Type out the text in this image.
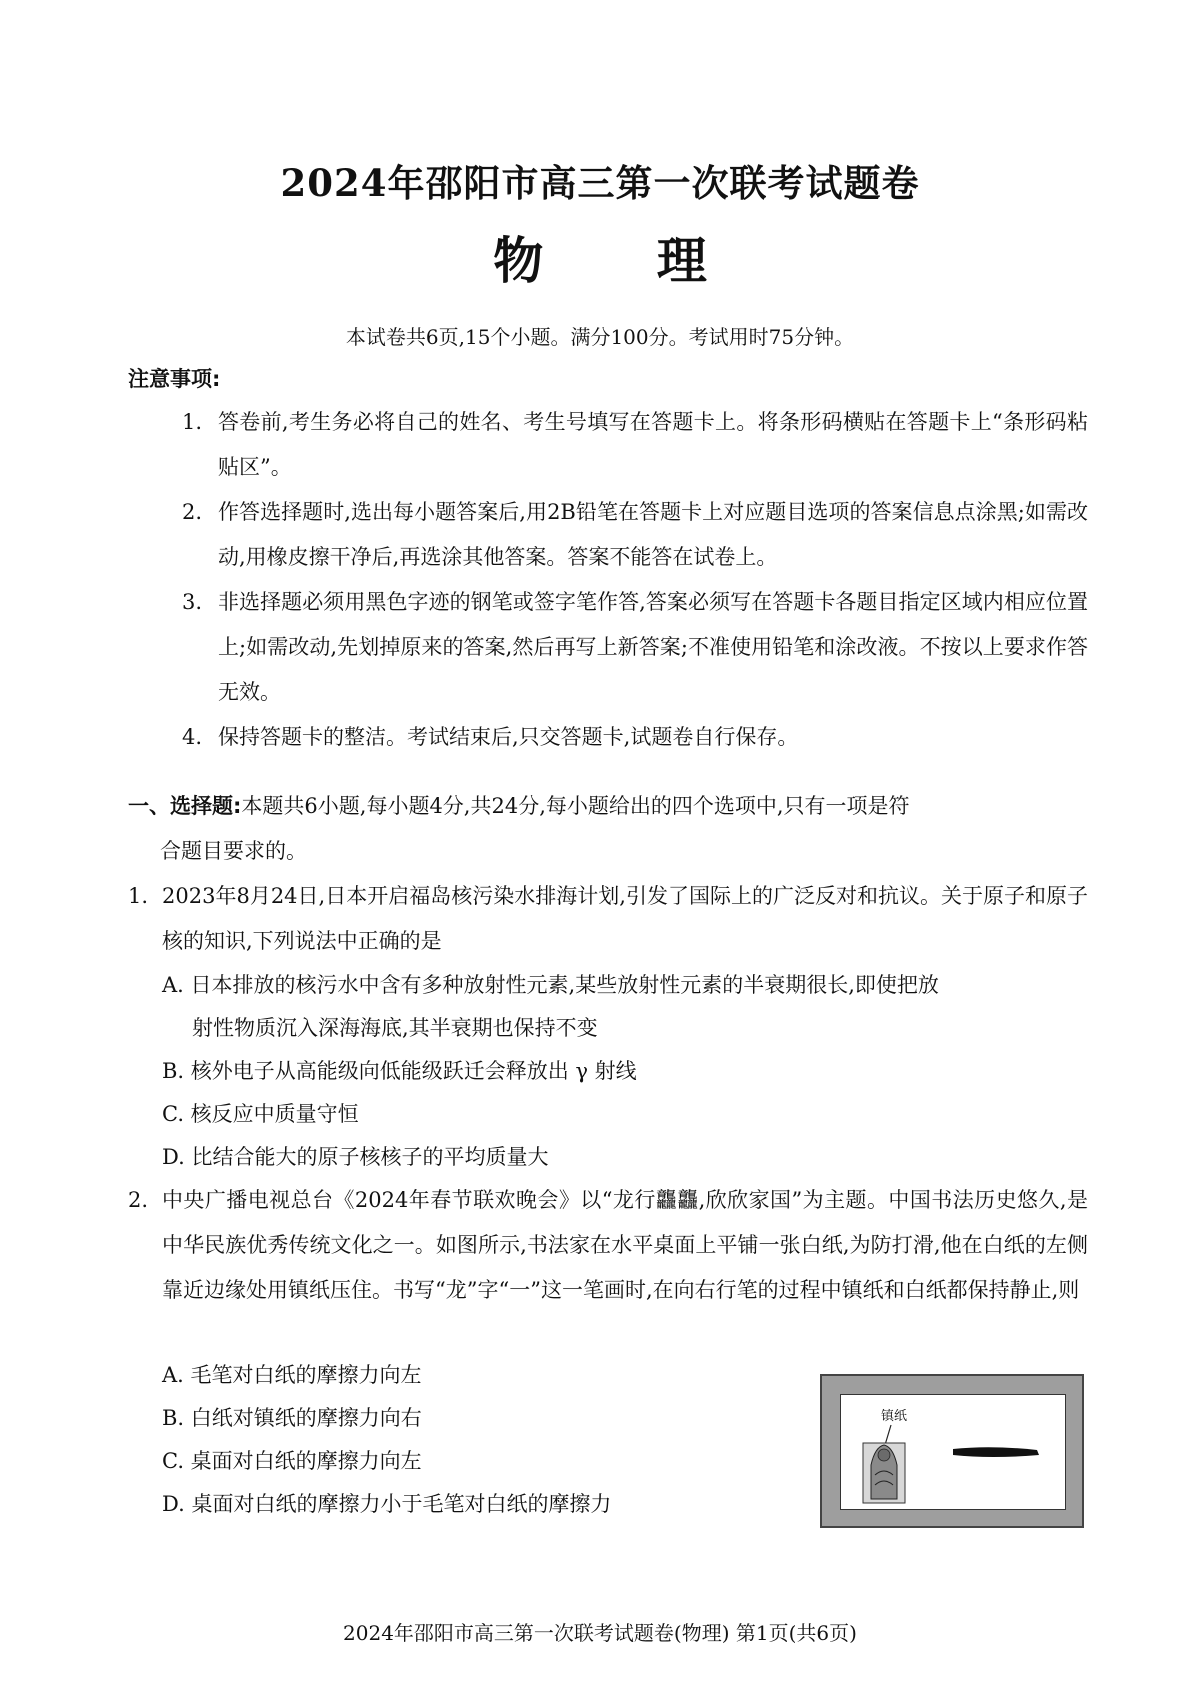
2024年邵阳市高三第一次联考试题卷
物 理
本试卷共6页,15个小题。满分100分。考试用时75分钟。
注意事项:
1. 答卷前,考生务必将自己的姓名、考生号填写在答题卡上。将条形码横贴在答题卡上“条形码粘贴区”。
2. 作答选择题时,选出每小题答案后,用2B铅笔在答题卡上对应题目选项的答案信息点涂黑;如需改动,用橡皮擦干净后,再选涂其他答案。答案不能答在试卷上。
3. 非选择题必须用黑色字迹的钢笔或签字笔作答,答案必须写在答题卡各题目指定区域内相应位置上;如需改动,先划掉原来的答案,然后再写上新答案;不准使用铅笔和涂改液。不按以上要求作答无效。
4. 保持答题卡的整洁。考试结束后,只交答题卡,试题卷自行保存。
一、选择题:本题共6小题,每小题4分,共24分,每小题给出的四个选项中,只有一项是符
合题目要求的。
1. 2023年8月24日,日本开启福岛核污染水排海计划,引发了国际上的广泛反对和抗议。关于原子和原子核的知识,下列说法中正确的是
A. 日本排放的核污水中含有多种放射性元素,某些放射性元素的半衰期很长,即使把放
射性物质沉入深海海底,其半衰期也保持不变
B. 核外电子从高能级向低能级跃迁会释放出 γ 射线
C. 核反应中质量守恒
D. 比结合能大的原子核核子的平均质量大
2. 中央广播电视总台《2024年春节联欢晚会》以“龙行龘龘,欣欣家国”为主题。中国书法历史悠久,是中华民族优秀传统文化之一。如图所示,书法家在水平桌面上平铺一张白纸,为防打滑,他在白纸的左侧靠近边缘处用镇纸压住。书写“龙”字“一”这一笔画时,在向右行笔的过程中镇纸和白纸都保持静止,则
A. 毛笔对白纸的摩擦力向左
B. 白纸对镇纸的摩擦力向右
C. 桌面对白纸的摩擦力向左
D. 桌面对白纸的摩擦力小于毛笔对白纸的摩擦力
镇纸
2024年邵阳市高三第一次联考试题卷(物理) 第1页(共6页)
